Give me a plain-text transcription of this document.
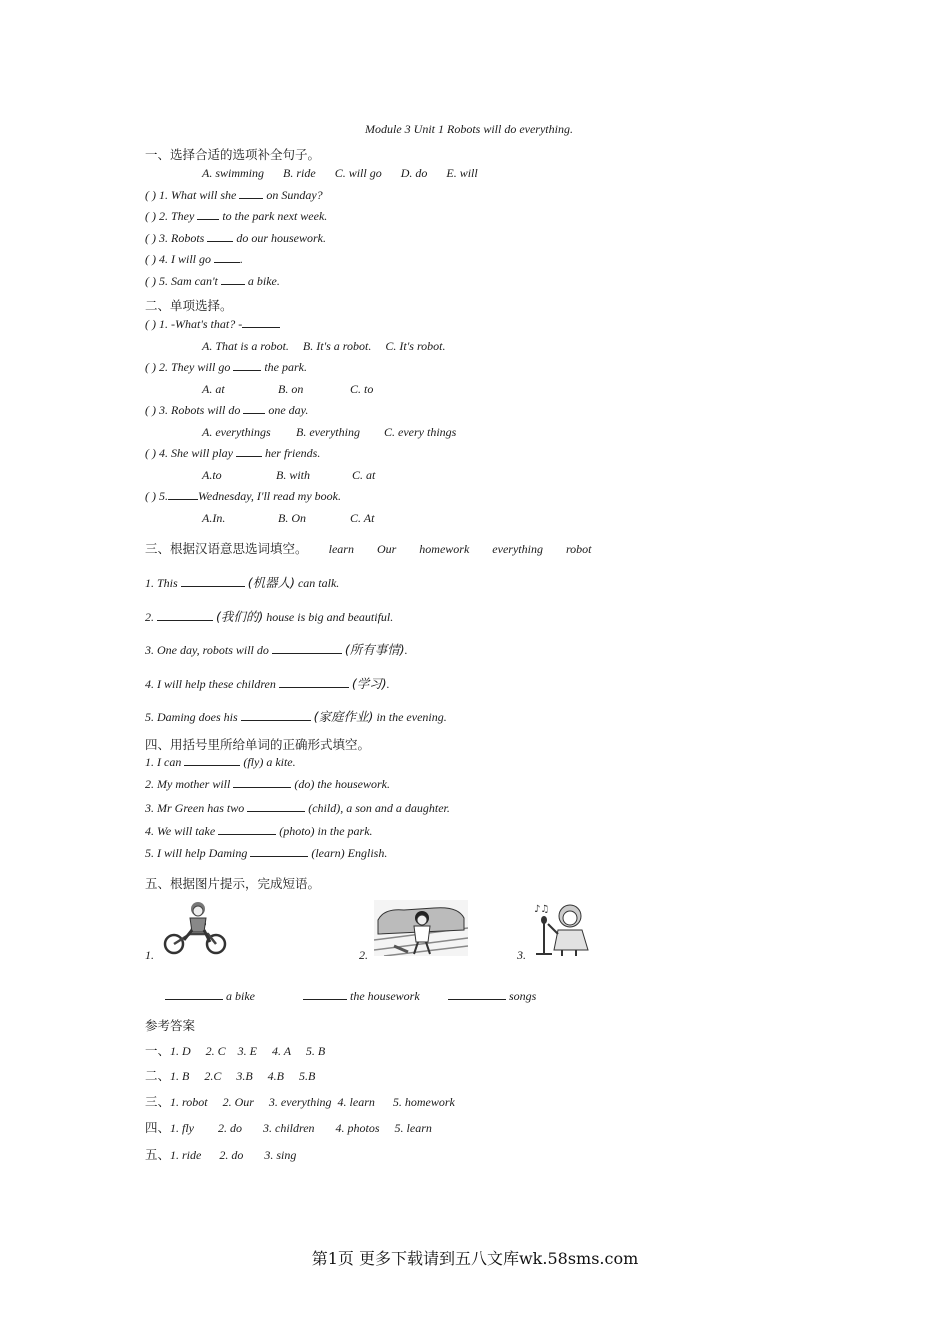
Module 3 Unit 1 Robots will do everything.
一、选择合适的选项补全句子。
A. swimming B. ride C. will go D. do E. will
( ) 1. What will she  on Sunday?
( ) 2. They  to the park next week.
( ) 3. Robots  do our housework.
( ) 4. I will go .
( ) 5. Sam can't  a bike.
二、单项选择。
( ) 1. -What's that? -
A. That is a robot. B. It's a robot. C. It's robot.
( ) 2. They will go  the park.
A. at	B. on	C. to
( ) 3. Robots will do  one day.
A. everythings B. everything C. every things
( ) 4. She will play  her friends.
A.to	B. with	C. at
( ) 5.	Wednesday, I'll read my book.
A.In.	B. On	C. At
三、根据汉语意思选词填空。 learn Our homework everything robot
1. This	(机器人) can talk.
2.	(我们的) house is big and beautiful.
3. One day, robots will do	(所有事情).
4. I will help these children	(学习).
5. Daming does his	(家庭作业) in the evening.
四、用括号里所给单词的正确形式填空。
1. I can	(fly) a kite.
2. My mother will	(do) the housework.
3. Mr Green has two	(child), a son and a daughter.
4. We will take	(photo) in the park.
5. I will help Daming	(learn) English.
五、根据图片提示，完成短语。
1.	2.	3.
♪♫
a bike	the housework	songs
参考答案
一、1. D     2. C    3. E     4. A     5. B
二、1. B     2.C     3.B     4.B     5.B
三、1. robot     2. Our     3. everything  4. learn      5. homework
四、1. fly        2. do       3. children       4. photos     5. learn
五、1. ride      2. do       3. sing
第1页 更多下载请到五八文库wk.58sms.com
